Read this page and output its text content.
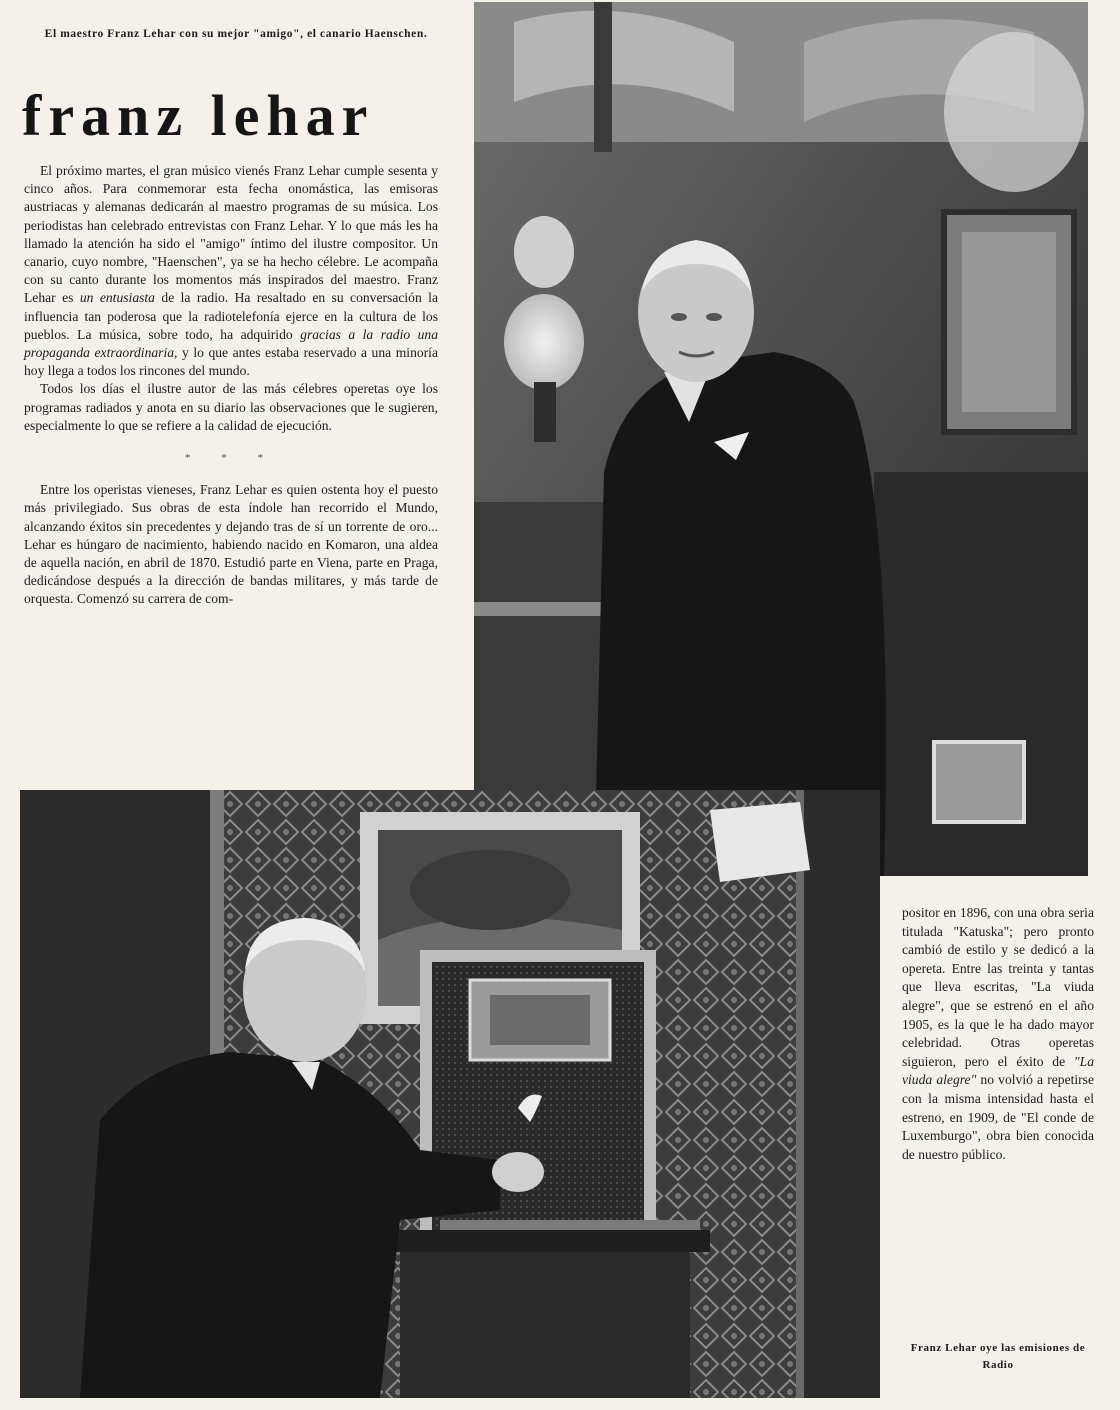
El maestro Franz Lehar con su mejor "amigo", el canario Haenschen.
franz lehar

El próximo martes, el gran músico vienés Franz Lehar cumple sesenta y cinco años. Para conmemorar esta fecha onomástica, las emisoras austriacas y alemanas dedicarán al maestro programas de su música. Los periodistas han celebrado entrevistas con Franz Lehar. Y lo que más les ha llamado la atención ha sido el "amigo" íntimo del ilustre compositor. Un canario, cuyo nombre, "Haenschen", ya se ha hecho célebre. Le acompaña con su canto durante los momentos más inspirados del maestro. Franz Lehar es un entusiasta de la radio. Ha resaltado en su conversación la influencia tan poderosa que la radiotelefonía ejerce en la cultura de los pueblos. La música, sobre todo, ha adquirido gracias a la radio una propaganda extraordinaria, y lo que antes estaba reservado a una minoría hoy llega a todos los rincones del mundo.

Todos los días el ilustre autor de las más célebres operetas oye los programas radiados y anota en su diario las observaciones que le sugieren, especialmente lo que se refiere a la calidad de ejecución.

* * *

Entre los operistas vieneses, Franz Lehar es quien ostenta hoy el puesto más privilegiado. Sus obras de esta índole han recorrido el Mundo, alcanzando éxitos sin precedentes y dejando tras de sí un torrente de oro... Lehar es húngaro de nacimiento, habiendo nacido en Komaron, una aldea de aquella nación, en abril de 1870. Estudió parte en Viena, parte en Praga, dedicándose después a la dirección de bandas militares, y más tarde de orquesta. Comenzó su carrera de com-

positor en 1896, con una obra seria titulada "Katuska"; pero pronto cambió de estilo y se dedicó a la opereta. Entre las treinta y tantas que lleva escritas, "La viuda alegre", que se estrenó en el año 1905, es la que le ha dado mayor celebridad. Otras operetas siguieron, pero el éxito de "La viuda alegre" no volvió a repetirse con la misma intensidad hasta el estreno, en 1909, de "El conde de Luxemburgo", obra bien conocida de nuestro público.

Franz Lehar oye las emisiones de Radio
